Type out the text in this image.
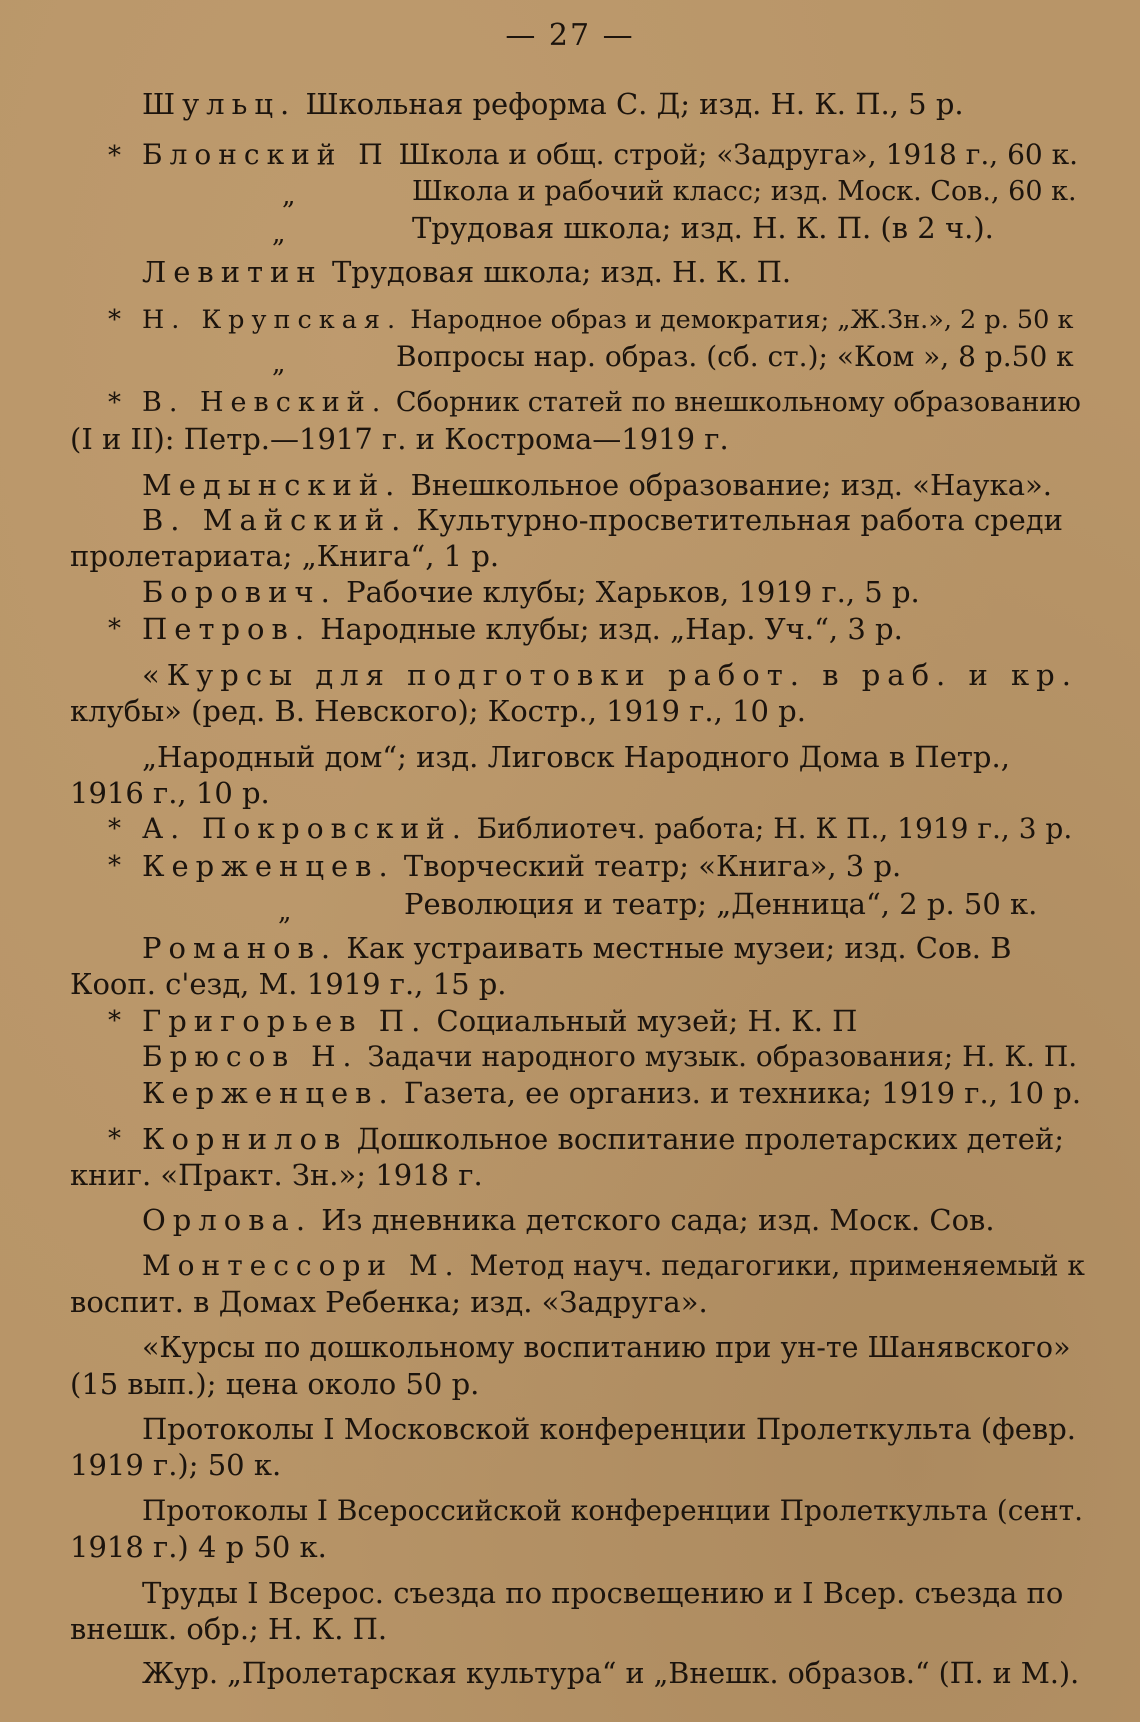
— 27 —
Шульц. Школьная реформа С. Д; изд. Н. К. П., 5 р.
* Блонский П Школа и общ. строй; «Задруга», 1918 г., 60 к.
„	Школа и рабочий класс; изд. Моск. Сов., 60 к.
„	Трудовая школа; изд. Н. К. П. (в 2 ч.).
Левитин Трудовая школа; изд. Н. К. П.
* Н. Крупская. Народное образ и демократия; „Ж.Зн.», 2 р. 50 к
„	Вопросы нар. образ. (сб. ст.); «Ком », 8 р.50 к
* В. Невский. Сборник статей по внешкольному образованию
(I и II): Петр.—1917 г. и Кострома—1919 г.
Медынский. Внешкольное образование; изд. «Наука».
В. Майский. Культурно-просветительная работа среди
пролетариата; „Книга“, 1 р.
Борович. Рабочие клубы; Харьков, 1919 г., 5 р.
* Петров. Народные клубы; изд. „Нар. Уч.“, 3 р.
«Курсы для подготовки работ. в раб. и кр.
клубы» (ред. В. Невского); Костр., 1919 г., 10 р.
„Народный дом“; изд. Лиговск Народного Дома в Петр.,
1916 г., 10 р.
* А. Покровский. Библиотеч. работа; Н. К П., 1919 г., 3 р.
* Керженцев. Творческий театр; «Книга», 3 р.
„	Революция и театр; „Денница“, 2 р. 50 к.
Романов. Как устраивать местные музеи; изд. Сов. В
Кооп. с'езд, М. 1919 г., 15 р.
* Григорьев П. Социальный музей; Н. К. П
Брюсов Н. Задачи народного музык. образования; Н. К. П.
Керженцев. Газета, ее организ. и техника; 1919 г., 10 р.
* Корнилов Дошкольное воспитание пролетарских детей;
книг. «Практ. Зн.»; 1918 г.
Орлова. Из дневника детского сада; изд. Моск. Сов.
Монтессори М. Метод науч. педагогики, применяемый к
воспит. в Домах Ребенка; изд. «Задруга».
«Курсы по дошкольному воспитанию при ун-те Шанявского»
(15 вып.); цена около 50 р.
Протоколы I Московской конференции Пролеткульта (февр.
1919 г.); 50 к.
Протоколы I Всероссийской конференции Пролеткульта (сент.
1918 г.) 4 р 50 к.
Труды I Всерос. съезда по просвещению и I Всер. съезда по
внешк. обр.; Н. К. П.
Жур. „Пролетарская культура“ и „Внешк. образов.“ (П. и М.).
